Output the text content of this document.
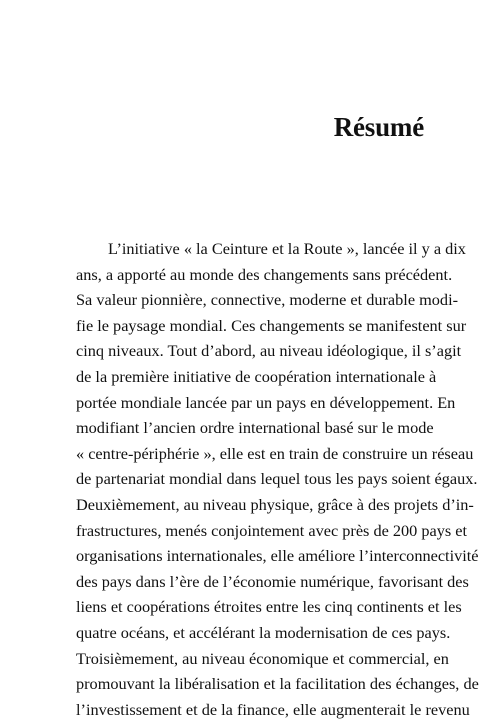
Résumé
L’initiative « la Ceinture et la Route », lancée il y a dix
ans, a apporté au monde des changements sans précédent.
Sa valeur pionnière, connective, moderne et durable modi-
fie le paysage mondial. Ces changements se manifestent sur
cinq niveaux. Tout d’abord, au niveau idéologique, il s’agit
de la première initiative de coopération internationale à
portée mondiale lancée par un pays en développement. En
modifiant l’ancien ordre international basé sur le mode
« centre-périphérie », elle est en train de construire un réseau
de partenariat mondial dans lequel tous les pays soient égaux.
Deuxièmement, au niveau physique, grâce à des projets d’in-
frastructures, menés conjointement avec près de 200 pays et
organisations internationales, elle améliore l’interconnectivité
des pays dans l’ère de l’économie numérique, favorisant des
liens et coopérations étroites entre les cinq continents et les
quatre océans, et accélérant la modernisation de ces pays.
Troisièmement, au niveau économique et commercial, en
promouvant la libéralisation et la facilitation des échanges, de
l’investissement et de la finance, elle augmenterait le revenu
